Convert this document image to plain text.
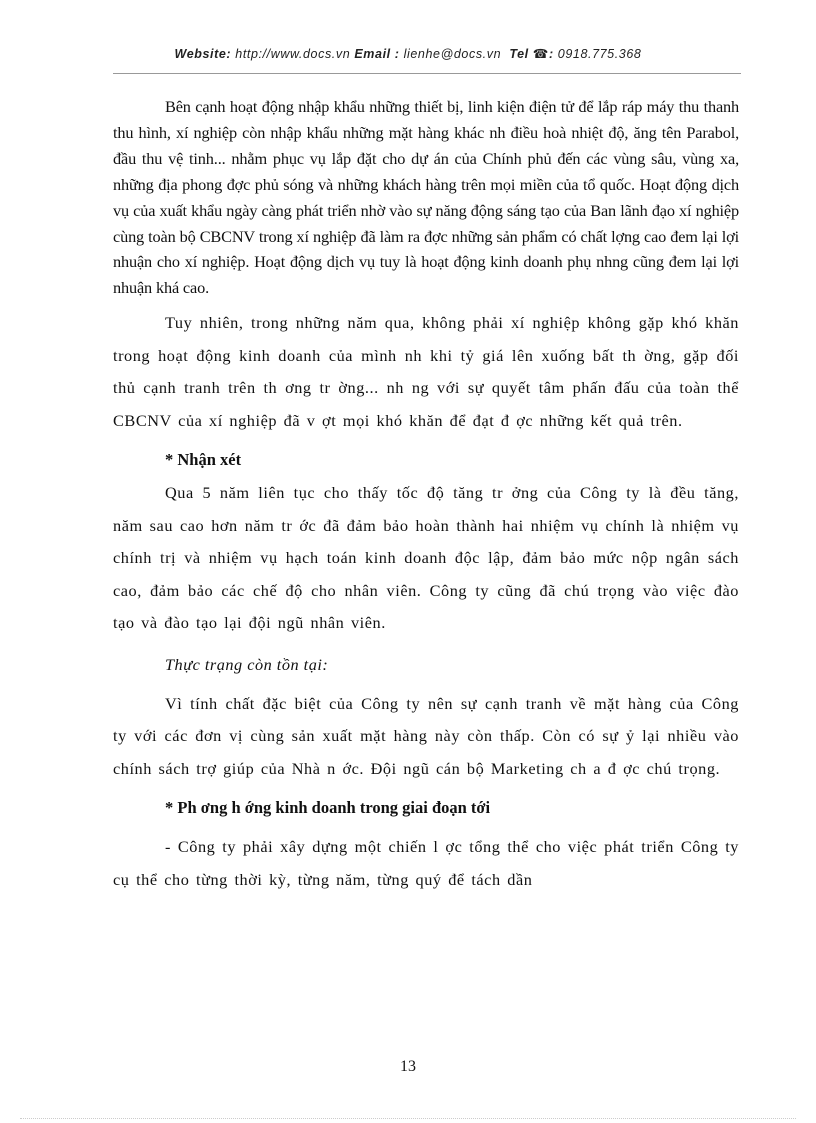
Website: http://www.docs.vn Email : lienhe@docs.vn Tel ☎: 0918.775.368

Bên cạnh hoạt động nhập khẩu những thiết bị, linh kiện điện tử để lắp ráp máy thu thanh thu hình, xí nghiệp còn nhập khẩu những mặt hàng khác nh điều hoà nhiệt độ, ăng tên Parabol, đầu thu vệ tinh... nhằm phục vụ lắp đặt cho dự án của Chính phủ đến các vùng sâu, vùng xa, những địa phong đợc phủ sóng và những khách hàng trên mọi miền của tổ quốc. Hoạt động dịch vụ của xuất khẩu ngày càng phát triển nhờ vào sự năng động sáng tạo của Ban lãnh đạo xí nghiệp cùng toàn bộ CBCNV trong xí nghiệp đã làm ra đợc những sản phẩm có chất lợng cao đem lại lợi nhuận cho xí nghiệp. Hoạt động dịch vụ tuy là hoạt động kinh doanh phụ nhng cũng đem lại lợi nhuận khá cao.

Tuy nhiên, trong những năm qua, không phải xí nghiệp không gặp khó khăn trong hoạt động kinh doanh của mình nh khi tỷ giá lên xuống bất th ờng, gặp đối thủ cạnh tranh trên th ơng tr ờng... nh ng với sự quyết tâm phấn đấu của toàn thể CBCNV của xí nghiệp đã v ợt mọi khó khăn để đạt đ ợc những kết quả trên.

* Nhận xét

Qua 5 năm liên tục cho thấy tốc độ tăng tr ởng của Công ty là đều tăng, năm sau cao hơn năm tr ớc đã đảm bảo hoàn thành hai nhiệm vụ chính là nhiệm vụ chính trị và nhiệm vụ hạch toán kinh doanh độc lập, đảm bảo mức nộp ngân sách cao, đảm bảo các chế độ cho nhân viên. Công ty cũng đã chú trọng vào việc đào tạo và đào tạo lại đội ngũ nhân viên.

Thực trạng còn tồn tại:

Vì tính chất đặc biệt của Công ty nên sự cạnh tranh về mặt hàng của Công ty với các đơn vị cùng sản xuất mặt hàng này còn thấp. Còn có sự ỷ lại nhiều vào chính sách trợ giúp của Nhà n ớc. Đội ngũ cán bộ Marketing ch a đ ợc chú trọng.

* Ph ơng h ớng kinh doanh trong giai đoạn tới

- Công ty phải xây dựng một chiến l ợc tổng thể cho việc phát triển Công ty cụ thể cho từng thời kỳ, từng năm, từng quý để tách dần

13
